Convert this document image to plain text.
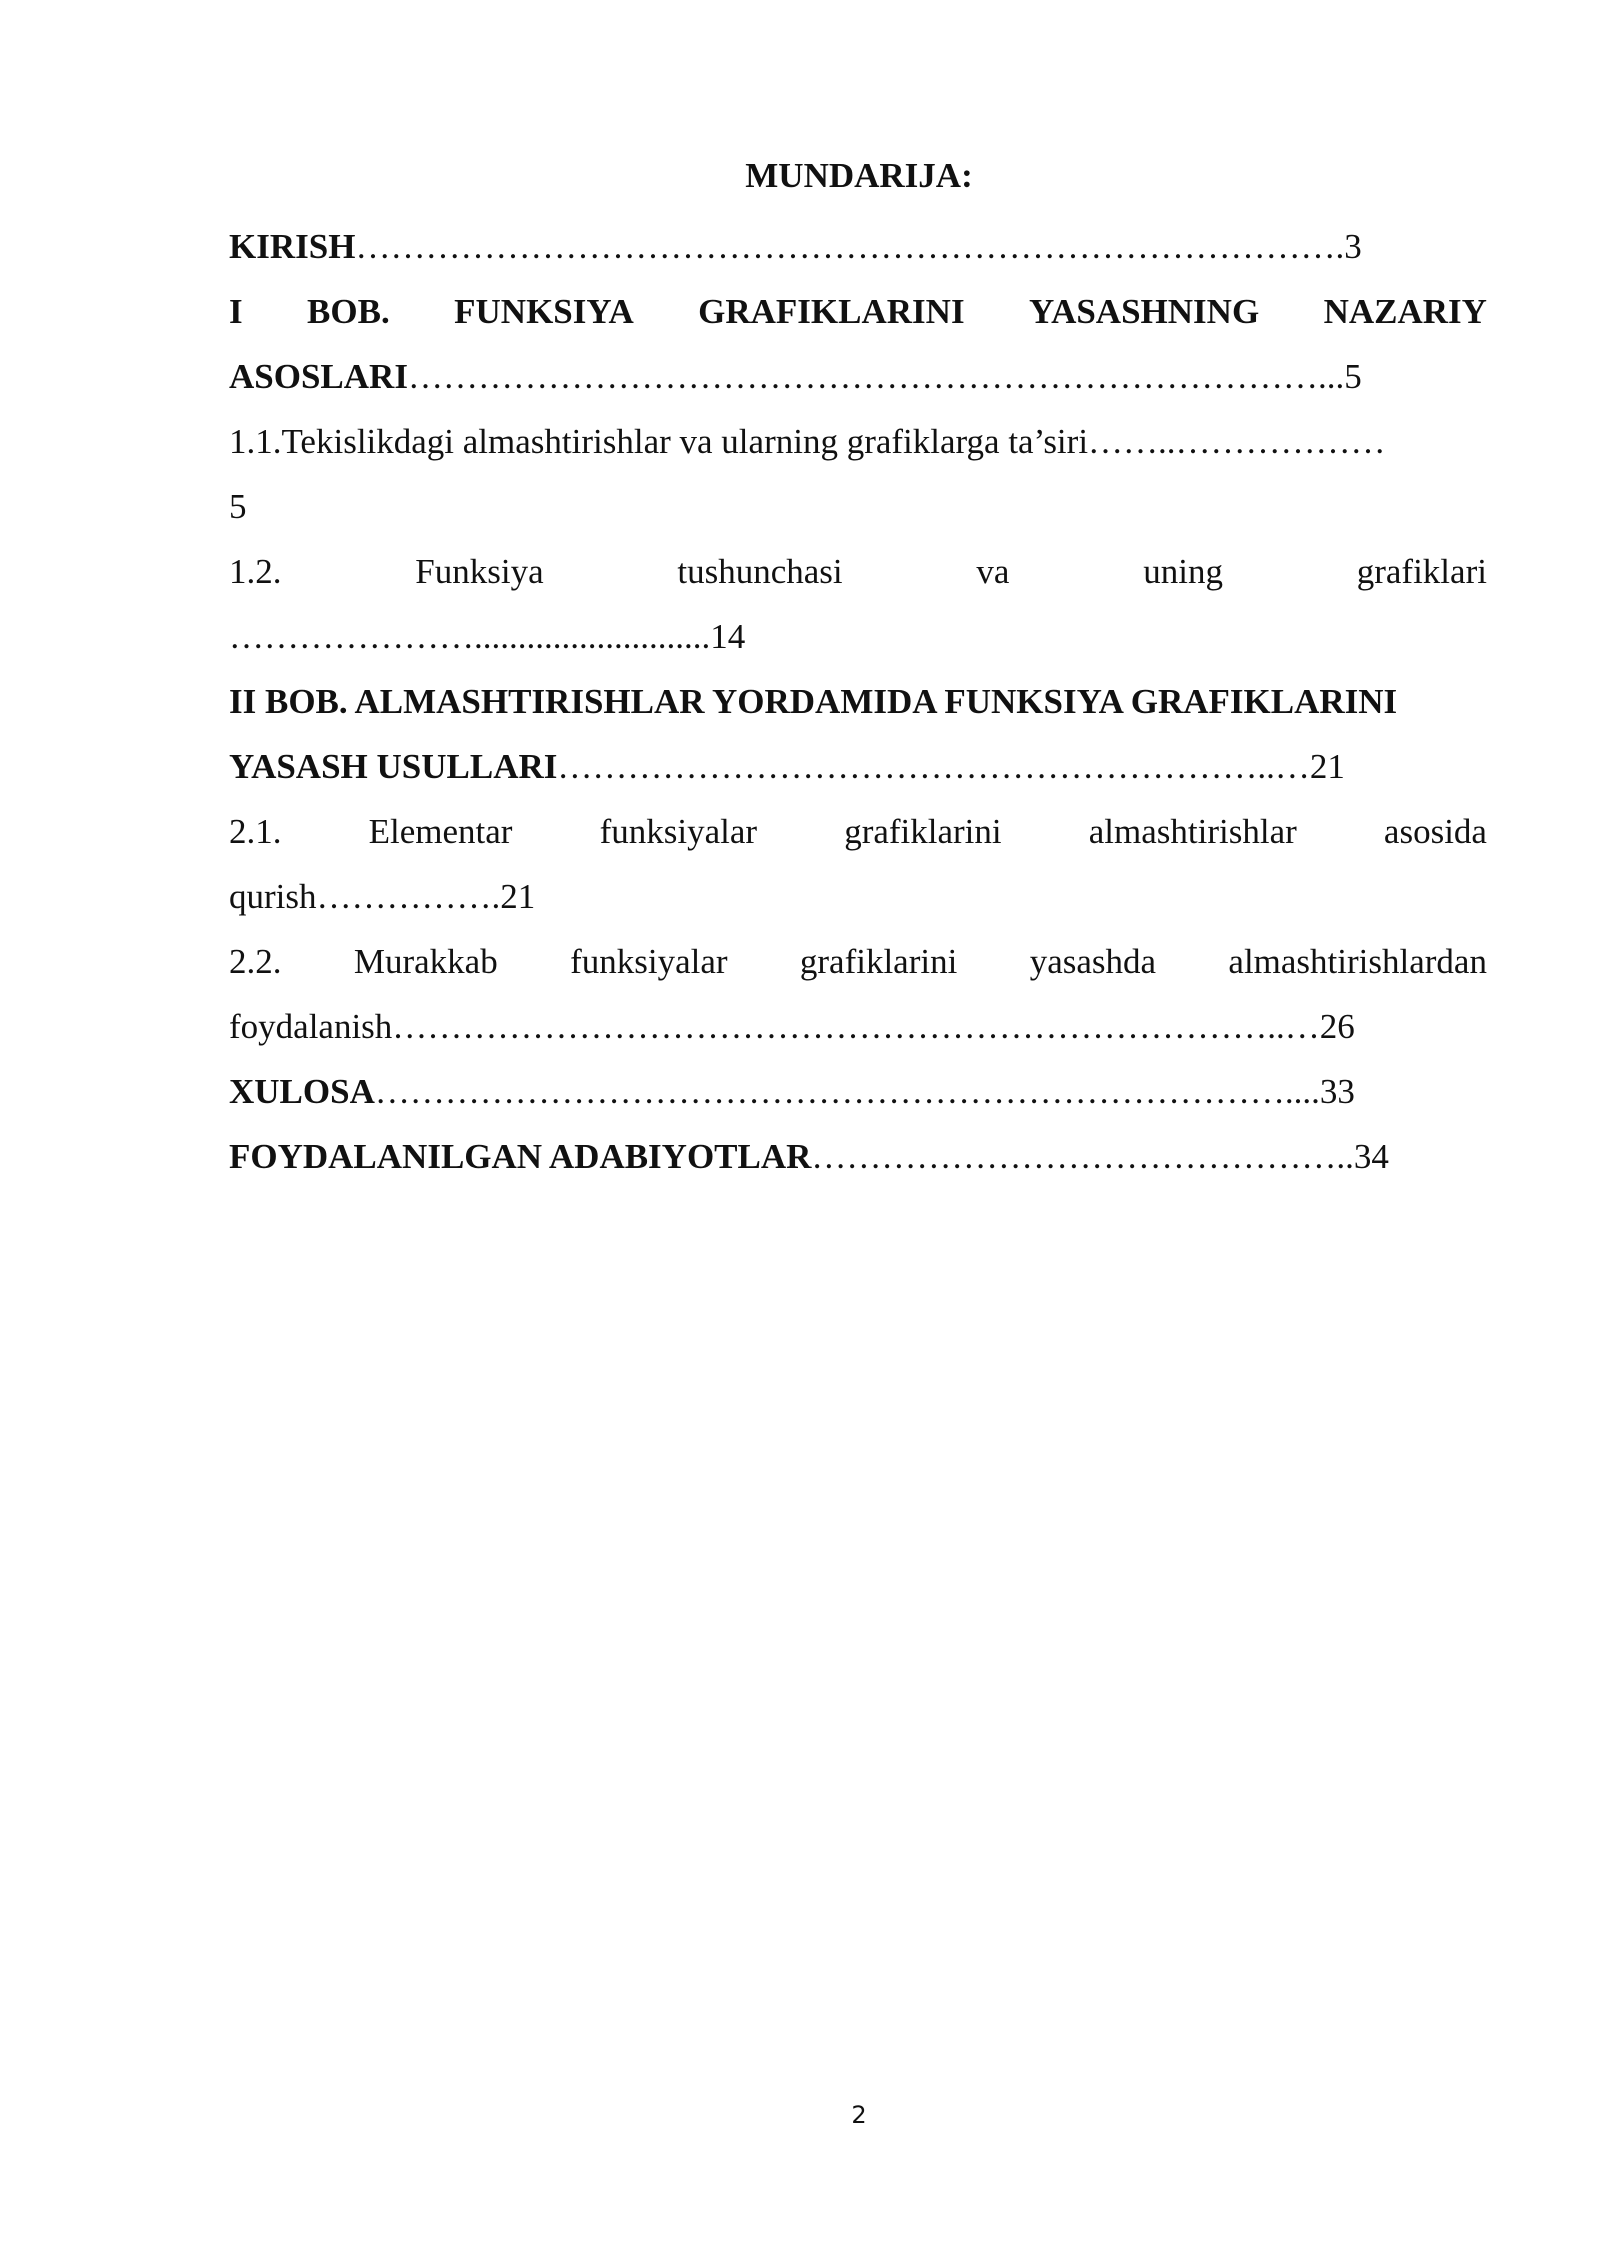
MUNDARIJA:
KIRISH………………………………………………………………………….3
I BOB. FUNKSIYA GRAFIKLARINI YASASHNING NAZARIY
ASOSLARI……………………………………………………………………...5
1.1.Tekislikdagi almashtirishlar va ularning grafiklarga ta’siri……..………………
5
1.2.	Funksiya	tushunchasi	va	uning	grafiklari
…………………...........................14
II BOB. ALMASHTIRISHLAR YORDAMIDA FUNKSIYA GRAFIKLARINI
YASASH USULLARI……………………………………………………..…21
2.1. Elementar funksiyalar grafiklarini almashtirishlar asosida
qurish…………….21
2.2. Murakkab funksiyalar grafiklarini yasashda almashtirishlardan
foydalanish…………………………………………………………………..…26
XULOSA……………………………………………………………………....33
FOYDALANILGAN ADABIYOTLAR………………………………………..34
2
